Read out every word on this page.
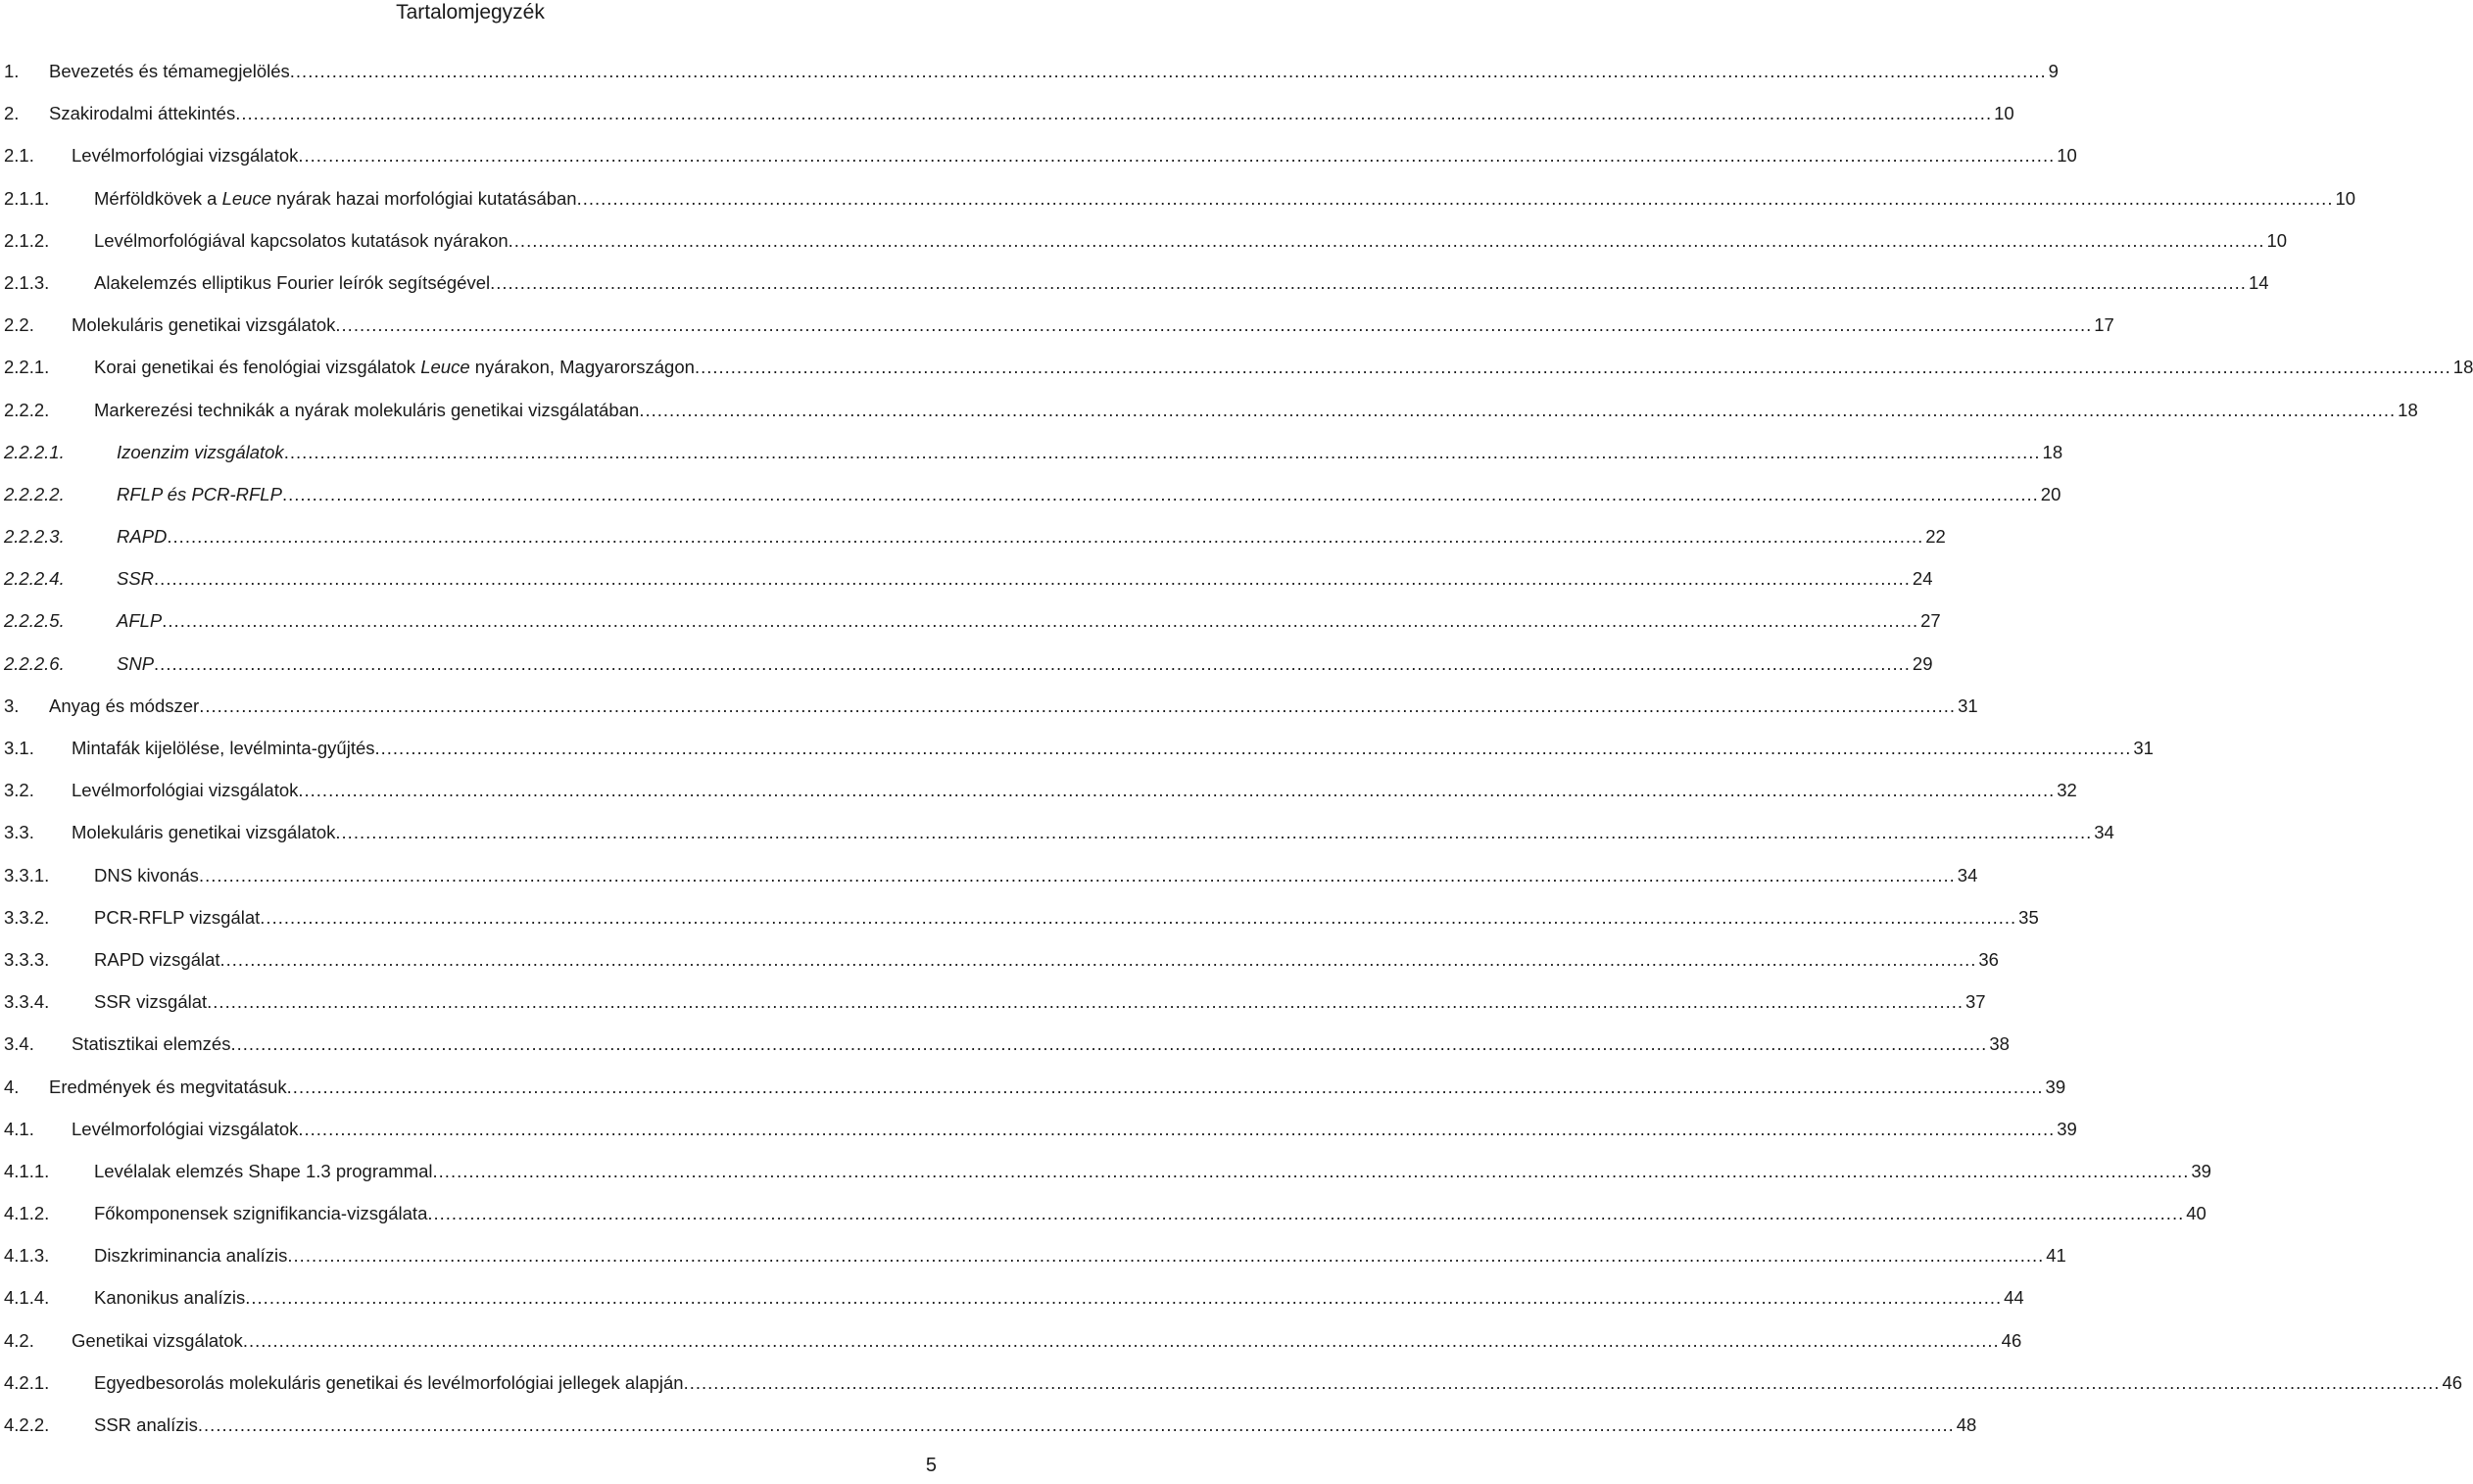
Tartalomjegyzék
1. Bevezetés és témamegjelölés .....	9
2. Szakirodalmi áttekintés .....	10
2.1. Levélmorfológiai vizsgálatok .....	10
2.1.1. Mérföldkövek a Leuce nyárak hazai morfológiai kutatásában .....	10
2.1.2. Levélmorfológiával kapcsolatos kutatások nyárakon .....	10
2.1.3. Alakelemzés elliptikus Fourier leírók segítségével .....	14
2.2. Molekuláris genetikai vizsgálatok .....	17
2.2.1. Korai genetikai és fenológiai vizsgálatok Leuce nyárakon, Magyarországon .....	18
2.2.2. Markerezési technikák a nyárak molekuláris genetikai vizsgálatában .....	18
2.2.2.1.	Izoenzim vizsgálatok .....	18
2.2.2.2.	RFLP és PCR-RFLP .....	20
2.2.2.3.	RAPD .....	22
2.2.2.4.	SSR .....	24
2.2.2.5.	AFLP .....	27
2.2.2.6.	SNP .....	29
3. Anyag és módszer .....	31
3.1. Mintafák kijelölése, levélminta-gyűjtés .....	31
3.2. Levélmorfológiai vizsgálatok .....	32
3.3. Molekuláris genetikai vizsgálatok .....	34
3.3.1. DNS kivonás .....	34
3.3.2. PCR-RFLP vizsgálat .....	35
3.3.3. RAPD vizsgálat .....	36
3.3.4. SSR vizsgálat .....	37
3.4. Statisztikai elemzés .....	38
4. Eredmények és megvitatásuk .....	39
4.1. Levélmorfológiai vizsgálatok .....	39
4.1.1. Levélalak elemzés Shape 1.3 programmal .....	39
4.1.2. Főkomponensek szignifikancia-vizsgálata .....	40
4.1.3. Diszkriminancia analízis .....	41
4.1.4. Kanonikus analízis .....	44
4.2. Genetikai vizsgálatok .....	46
4.2.1. Egyedbesorolás molekuláris genetikai és levélmorfológiai jellegek alapján .....	46
4.2.2. SSR analízis .....	48
5
